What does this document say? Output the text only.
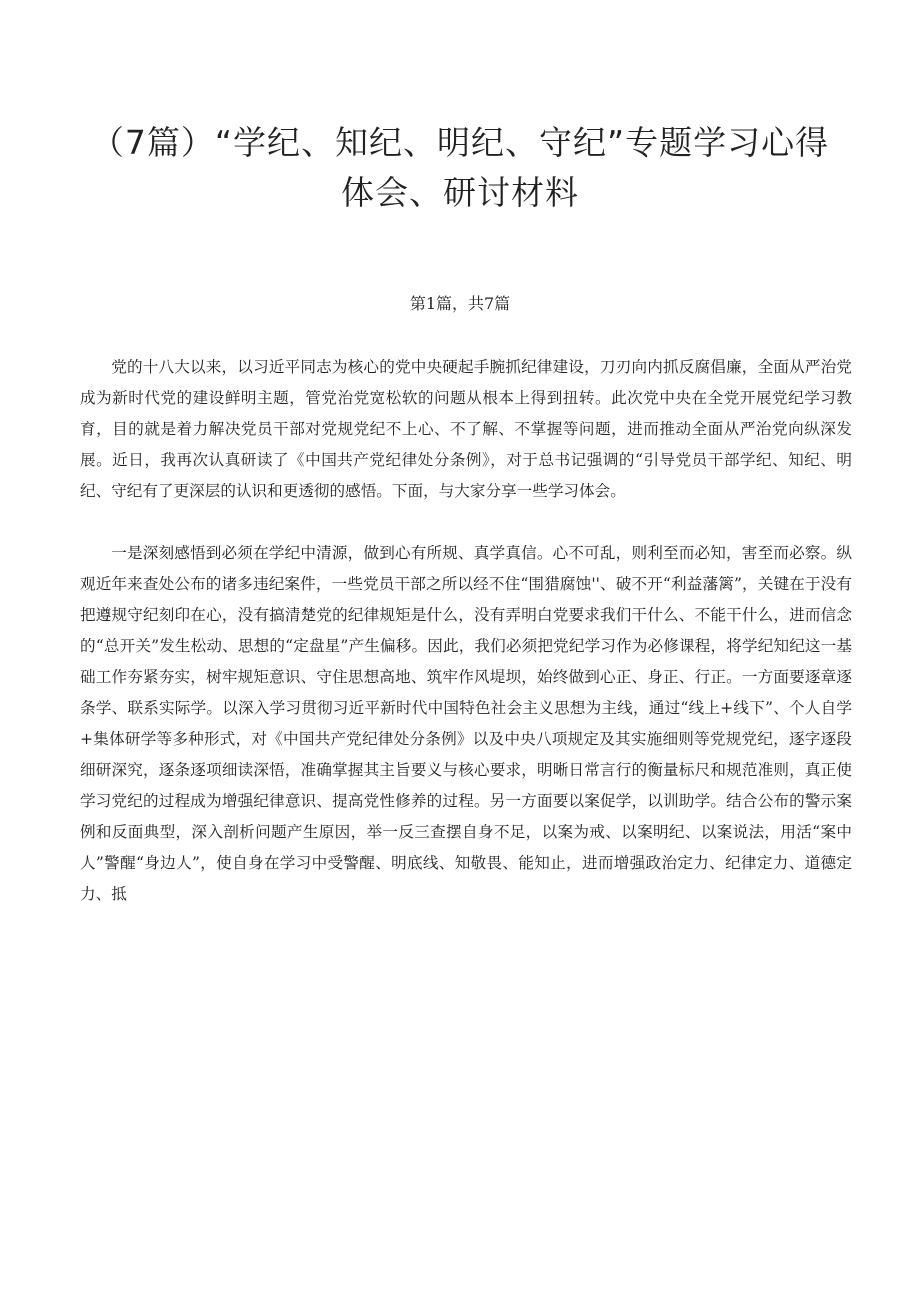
（7篇）“学纪、知纪、明纪、守纪”专题学习心得
体会、研讨材料
第1篇，共7篇

党的十八大以来，以习近平同志为核心的党中央硬起手腕抓纪律建设，刀刃向内抓反腐倡廉，全面从严治党成为新时代党的建设鲜明主题，管党治党宽松软的问题从根本上得到扭转。此次党中央在全党开展党纪学习教育，目的就是着力解决党员干部对党规党纪不上心、不了解、不掌握等问题，进而推动全面从严治党向纵深发展。近日，我再次认真研读了《中国共产党纪律处分条例》，对于总书记强调的“引导党员干部学纪、知纪、明纪、守纪有了更深层的认识和更透彻的感悟。下面，与大家分享一些学习体会。

一是深刻感悟到必须在学纪中清源，做到心有所规、真学真信。心不可乱，则利至而必知，害至而必察。纵观近年来查处公布的诸多违纪案件，一些党员干部之所以经不住“围猎腐蚀''、破不开“利益藩篱”，关键在于没有把遵规守纪刻印在心，没有搞清楚党的纪律规矩是什么，没有弄明白党要求我们干什么、不能干什么，进而信念的“总开关”发生松动、思想的“定盘星”产生偏移。因此，我们必须把党纪学习作为必修课程，将学纪知纪这一基础工作夯紧夯实，树牢规矩意识、守住思想高地、筑牢作风堤坝，始终做到心正、身正、行正。一方面要逐章逐条学、联系实际学。以深入学习贯彻习近平新时代中国特色社会主义思想为主线，通过“线上+线下”、个人自学+集体研学等多种形式，对《中国共产党纪律处分条例》以及中央八项规定及其实施细则等党规党纪，逐字逐段细研深究，逐条逐项细读深悟，准确掌握其主旨要义与核心要求，明晰日常言行的衡量标尺和规范准则，真正使学习党纪的过程成为增强纪律意识、提高党性修养的过程。另一方面要以案促学，以训助学。结合公布的警示案例和反面典型，深入剖析问题产生原因，举一反三查摆自身不足，以案为戒、以案明纪、以案说法，用活“案中人”警醒“身边人”，使自身在学习中受警醒、明底线、知敬畏、能知止，进而增强政治定力、纪律定力、道德定力、抵
